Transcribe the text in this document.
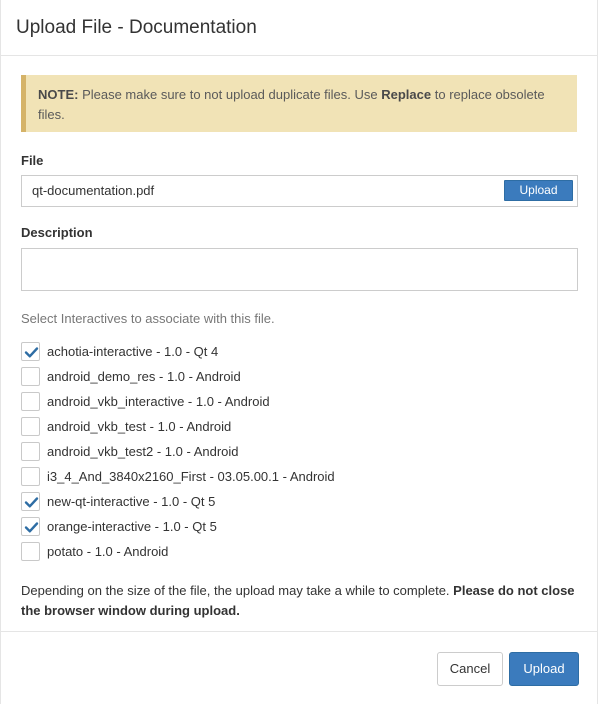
Upload File - Documentation
NOTE: Please make sure to not upload duplicate files. Use Replace to replace obsolete files.
File
qt-documentation.pdf	Upload
Description
Select Interactives to associate with this file.
achotia-interactive - 1.0 - Qt 4
android_demo_res - 1.0 - Android
android_vkb_interactive - 1.0 - Android
android_vkb_test - 1.0 - Android
android_vkb_test2 - 1.0 - Android
i3_4_And_3840x2160_First - 03.05.00.1 - Android
new-qt-interactive - 1.0 - Qt 5
orange-interactive - 1.0 - Qt 5
potato - 1.0 - Android
Depending on the size of the file, the upload may take a while to complete. Please do not close the browser window during upload.
Cancel	Upload
